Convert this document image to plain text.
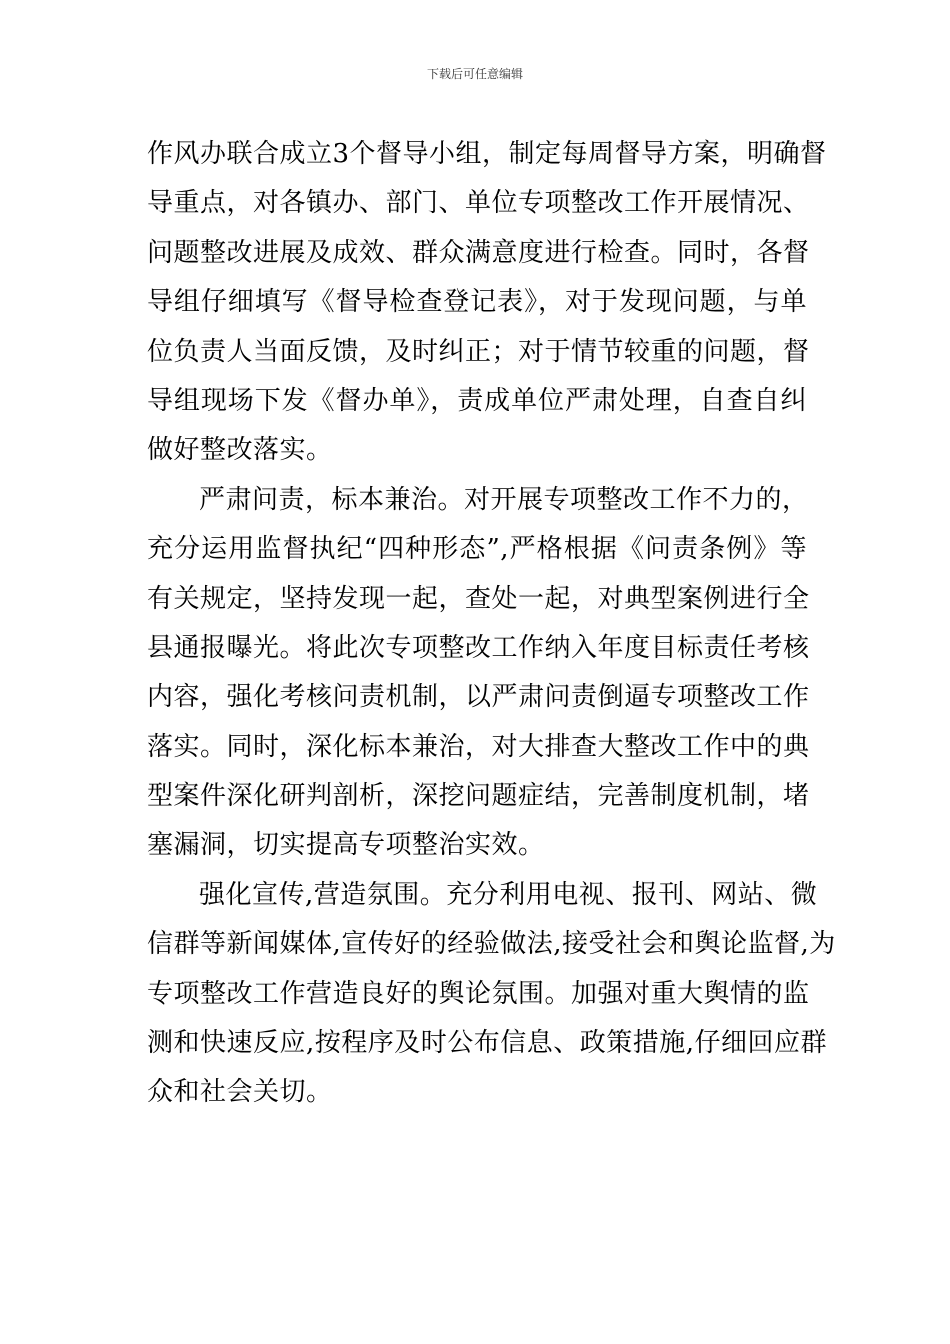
下载后可任意编辑
作风办联合成立3个督导小组，制定每周督导方案，明确督
导重点，对各镇办、部门、单位专项整改工作开展情况、
问题整改进展及成效、群众满意度进行检查。同时，各督
导组仔细填写《督导检查登记表》，对于发现问题，与单
位负责人当面反馈，及时纠正；对于情节较重的问题，督
导组现场下发《督办单》，责成单位严肃处理，自查自纠
做好整改落实。
严肃问责，标本兼治。对开展专项整改工作不力的，
充分运用监督执纪“四种形态”,严格根据《问责条例》等
有关规定，坚持发现一起，查处一起，对典型案例进行全
县通报曝光。将此次专项整改工作纳入年度目标责任考核
内容，强化考核问责机制，以严肃问责倒逼专项整改工作
落实。同时，深化标本兼治，对大排查大整改工作中的典
型案件深化研判剖析，深挖问题症结，完善制度机制，堵
塞漏洞，切实提高专项整治实效。
强化宣传,营造氛围。充分利用电视、报刊、网站、微
信群等新闻媒体,宣传好的经验做法,接受社会和舆论监督,为
专项整改工作营造良好的舆论氛围。加强对重大舆情的监
测和快速反应,按程序及时公布信息、政策措施,仔细回应群
众和社会关切。
